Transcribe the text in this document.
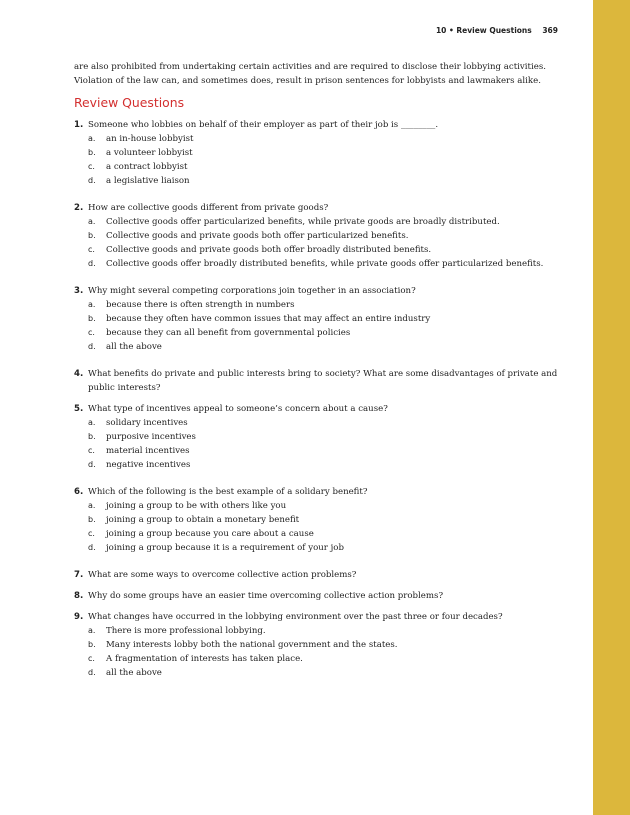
10 • Review Questions 369

are also prohibited from undertaking certain activities and are required to disclose their lobbying activities. Violation of the law can, and sometimes does, result in prison sentences for lobbyists and lawmakers alike.

Review Questions
1. Someone who lobbies on behalf of their employer as part of their job is ________.
a.	an in-house lobbyist
b.	a volunteer lobbyist
c.	a contract lobbyist
d.	a legislative liaison
2. How are collective goods different from private goods?
a.	Collective goods offer particularized benefits, while private goods are broadly distributed.
b.	Collective goods and private goods both offer particularized benefits.
c.	Collective goods and private goods both offer broadly distributed benefits.
d.	Collective goods offer broadly distributed benefits, while private goods offer particularized benefits.
3. Why might several competing corporations join together in an association?
a.	because there is often strength in numbers
b.	because they often have common issues that may affect an entire industry
c.	because they can all benefit from governmental policies
d.	all the above
4. What benefits do private and public interests bring to society? What are some disadvantages of private and public interests?
5. What type of incentives appeal to someone’s concern about a cause?
a.	solidary incentives
b.	purposive incentives
c.	material incentives
d.	negative incentives
6. Which of the following is the best example of a solidary benefit?
a.	joining a group to be with others like you
b.	joining a group to obtain a monetary benefit
c.	joining a group because you care about a cause
d.	joining a group because it is a requirement of your job
7. What are some ways to overcome collective action problems?
8. Why do some groups have an easier time overcoming collective action problems?
9. What changes have occurred in the lobbying environment over the past three or four decades?
a.	There is more professional lobbying.
b.	Many interests lobby both the national government and the states.
c.	A fragmentation of interests has taken place.
d.	all the above
